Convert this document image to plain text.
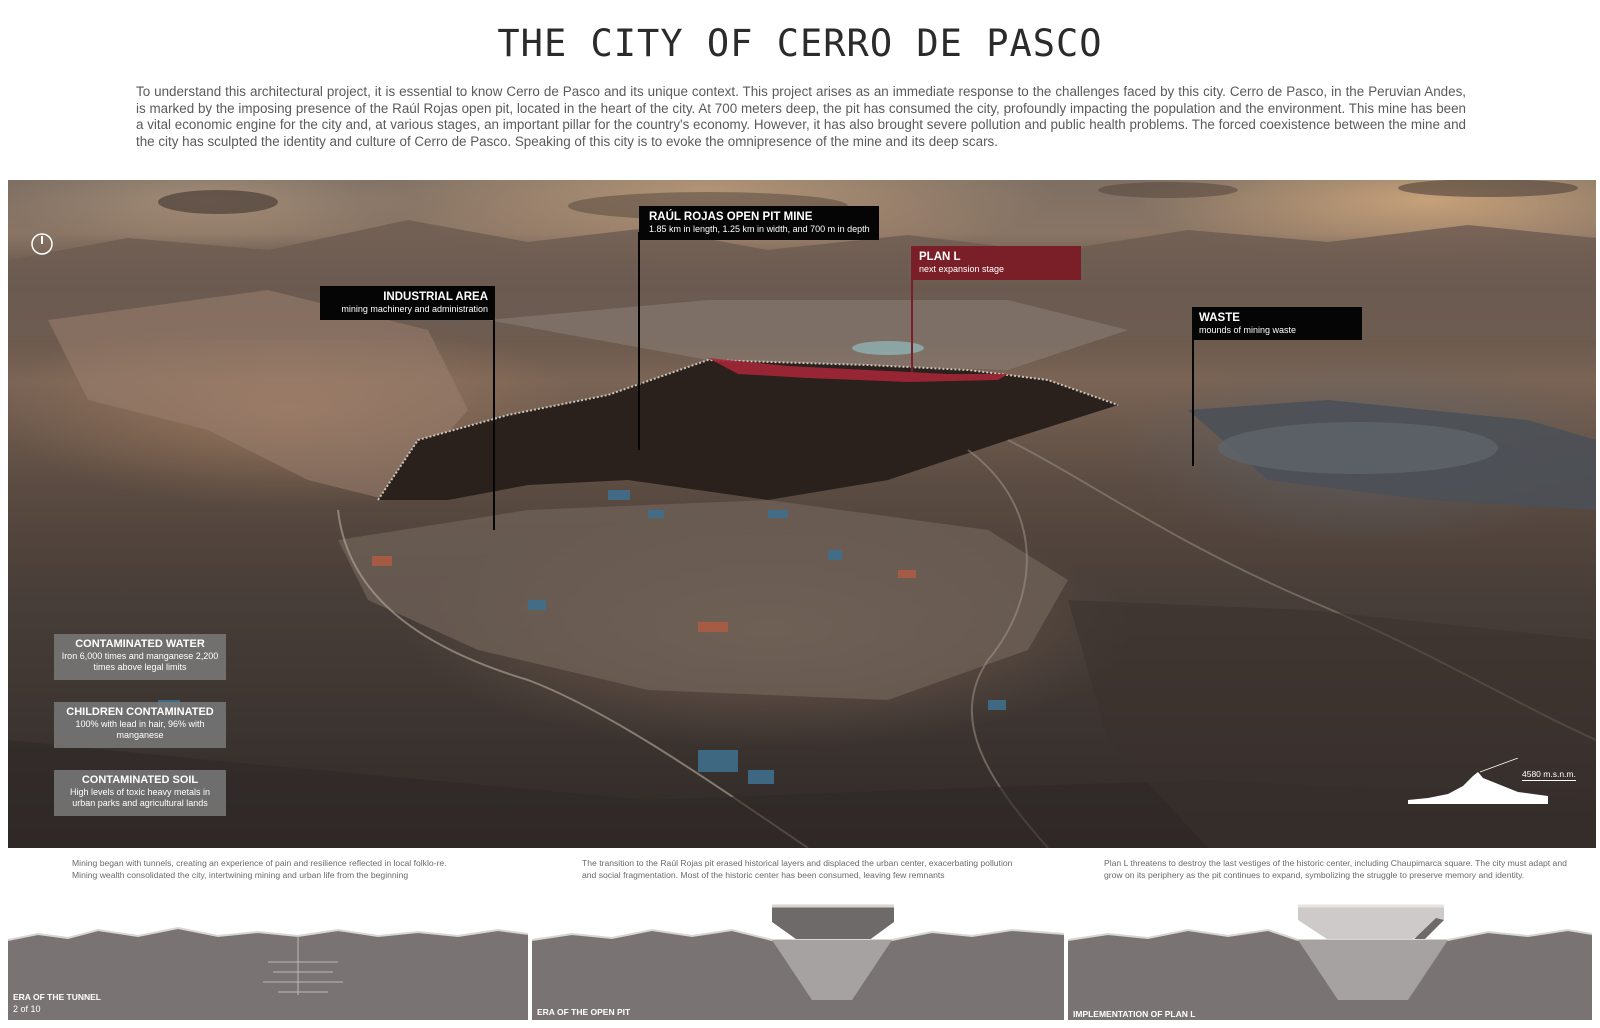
THE CITY OF CERRO DE PASCO
To understand this architectural project, it is essential to know Cerro de Pasco and its unique context. This project arises as an immediate response to the challenges faced by this city. Cerro de Pasco, in the Peruvian Andes, is marked by the imposing presence of the Raúl Rojas open pit, located in the heart of the city. At 700 meters deep, the pit has consumed the city, profoundly impacting the population and the environment. This mine has been a vital economic engine for the city and, at various stages, an important pillar for the country's economy. However, it has also brought severe pollution and public health problems. The forced coexistence between the mine and the city has sculpted the identity and culture of Cerro de Pasco. Speaking of this city is to evoke the omnipresence of the mine and its deep scars.
4580 m.s.n.m.
INDUSTRIAL AREA
mining machinery and administration
RAÚL ROJAS OPEN PIT MINE
1.85 km in length, 1.25 km in width, and 700 m in depth
PLAN L
next expansion stage
WASTE
mounds of mining waste
CONTAMINATED WATER
Iron 6,000 times and manganese 2,200 times above legal limits
CHILDREN CONTAMINATED
100% with lead in hair, 96% with manganese
CONTAMINATED SOIL
High levels of toxic heavy metals in urban parks and agricultural lands
Mining began with tunnels, creating an experience of pain and resilience reflected in local folklo-re. Mining wealth consolidated the city, intertwining mining and urban life from the beginning
The transition to the Raúl Rojas pit erased historical layers and displaced the urban center, exacerbating pollution and social fragmentation. Most of the historic center has been consumed, leaving few remnants
Plan L threatens to destroy the last vestiges of the historic center, including Chaupimarca square. The city must adapt and grow on its periphery as the pit continues to expand, symbolizing the struggle to preserve memory and identity.
ERA OF THE TUNNEL
2 of 10	ERA OF THE OPEN PIT	IMPLEMENTATION OF PLAN L
